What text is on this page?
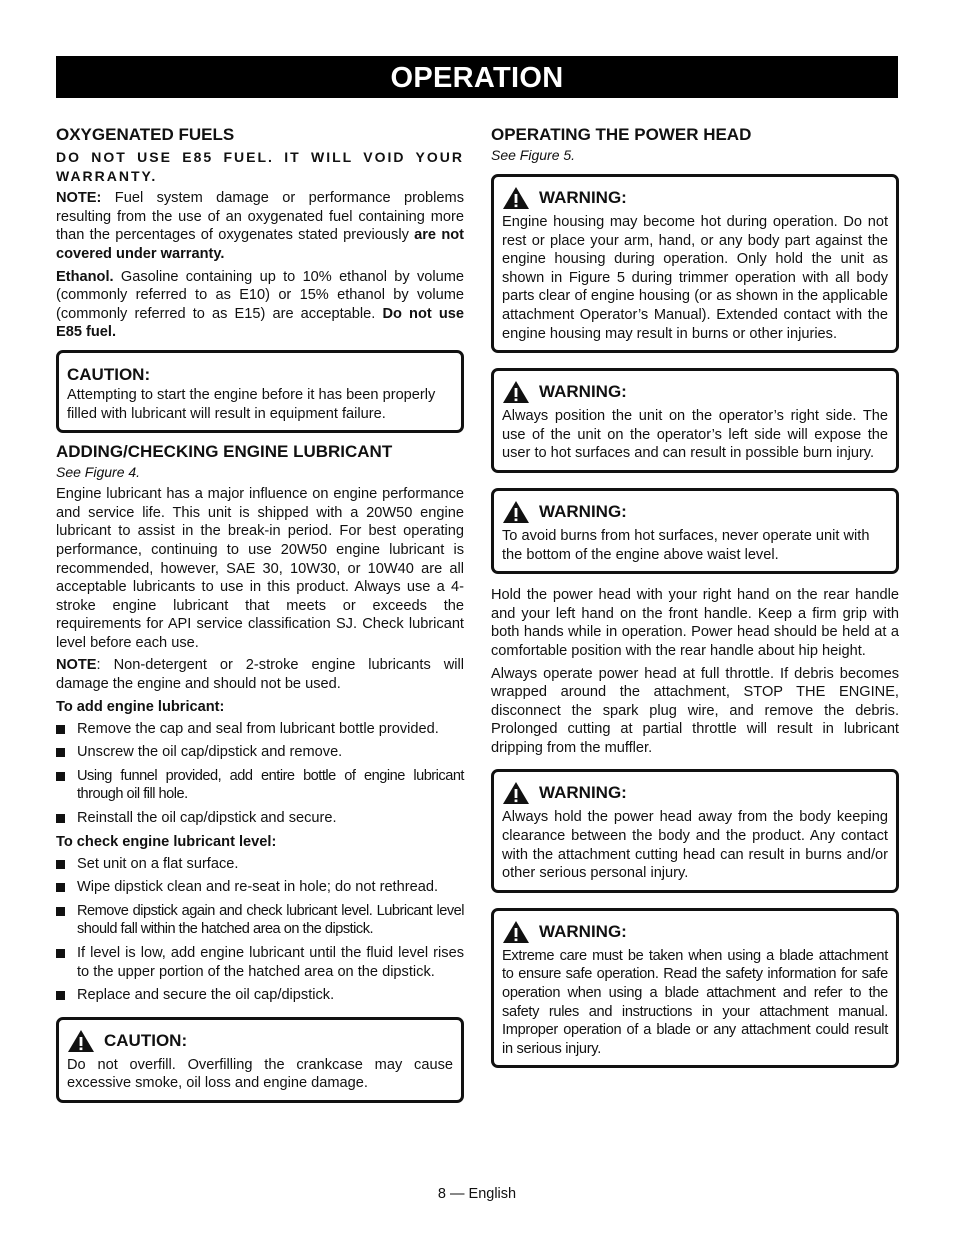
OPERATION
OXYGENATED FUELS

DO NOT USE E85 FUEL. IT WILL VOID YOUR WARRANTY.

NOTE: Fuel system damage or performance problems resulting from the use of an oxygenated fuel containing more than the percentages of oxygenates stated previously are not covered under warranty.

Ethanol. Gasoline containing up to 10% ethanol by volume (commonly referred to as E10) or 15% ethanol by volume (commonly referred to as E15) are acceptable. Do not use E85 fuel.

CAUTION:

Attempting to start the engine before it has been properly filled with lubricant will result in equipment failure.

ADDING/CHECKING ENGINE LUBRICANT

See Figure 4.

Engine lubricant has a major influence on engine performance and service life. This unit is shipped with a 20W50 engine lubricant to assist in the break-in period. For best operating performance, continuing to use 20W50 engine lubricant is recommended, however, SAE 30, 10W30, or 10W40 are all acceptable lubricants to use in this product. Always use a 4-stroke engine lubricant that meets or exceeds the requirements for API service classification SJ. Check lubricant level before each use.

NOTE: Non-detergent or 2-stroke engine lubricants will damage the engine and should not be used.

To add engine lubricant:
Remove the cap and seal from lubricant bottle provided.
Unscrew the oil cap/dipstick and remove.
Using funnel provided, add entire bottle of engine lubricant through oil fill hole.
Reinstall the oil cap/dipstick and secure.
To check engine lubricant level:
Set unit on a flat surface.
Wipe dipstick clean and re-seat in hole; do not rethread.
Remove dipstick again and check lubricant level. Lubricant level should fall within the hatched area on the dipstick.
If level is low, add engine lubricant until the fluid level rises to the upper portion of the hatched area on the dipstick.
Replace and secure the oil cap/dipstick.
CAUTION:

Do not overfill. Overfilling the crankcase may cause excessive smoke, oil loss and engine damage.

OPERATING THE POWER HEAD

See Figure 5.

WARNING:

Engine housing may become hot during operation. Do not rest or place your arm, hand, or any body part against the engine housing during operation. Only hold the unit as shown in Figure 5 during trimmer operation with all body parts clear of engine housing (or as shown in the applicable attachment Operator’s Manual). Extended contact with the engine housing may result in burns or other injuries.

WARNING:

Always position the unit on the operator’s right side. The use of the unit on the operator’s left side will expose the user to hot surfaces and can result in possible burn injury.

WARNING:

To avoid burns from hot surfaces, never operate unit with the bottom of the engine above waist level.

Hold the power head with your right hand on the rear handle and your left hand on the front handle. Keep a firm grip with both hands while in operation. Power head should be held at a comfortable position with the rear handle about hip height.

Always operate power head at full throttle. If debris becomes wrapped around the attachment, STOP THE ENGINE, disconnect the spark plug wire, and remove the debris. Prolonged cutting at partial throttle will result in lubricant dripping from the muffler.

WARNING:

Always hold the power head away from the body keeping clearance between the body and the product. Any contact with the attachment cutting head can result in burns and/or other serious personal injury.

WARNING:

Extreme care must be taken when using a blade attachment to ensure safe operation. Read the safety information for safe operation when using a blade attachment and refer to the safety rules and instructions in your attachment manual. Improper operation of a blade or any attachment could result in serious injury.

8 — English
